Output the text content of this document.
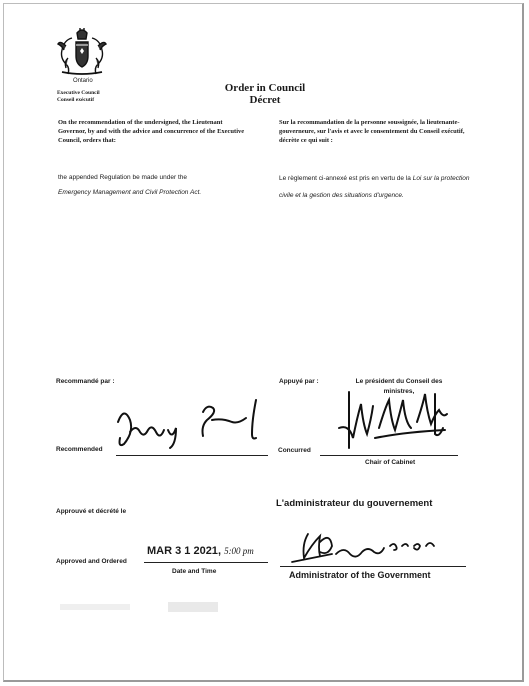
Ontario
Executive Council
Conseil exécutif
Order in Council
Décret
On the recommendation of the undersigned, the Lieutenant Governor, by and with the advice and concurrence of the Executive Council, orders that:
Sur la recommandation de la personne soussignée, la lieutenante-gouverneure, sur l'avis et avec le consentement du Conseil exécutif, décrète ce qui suit :
the appended Regulation be made under the
Emergency Management and Civil Protection Act.
Le règlement ci-annexé est pris en vertu de la Loi sur la protection civile et la gestion des situations d'urgence.
Recommandé par :
Recommended
Appuyé par :	Le président du Conseil des ministres,
Concurred
Chair of Cabinet
Approuvé et décrété le
L'administrateur du gouvernement
Approved and Ordered
MAR 3 1 2021, 5:00 pm
Date and Time	Administrator of the Government
